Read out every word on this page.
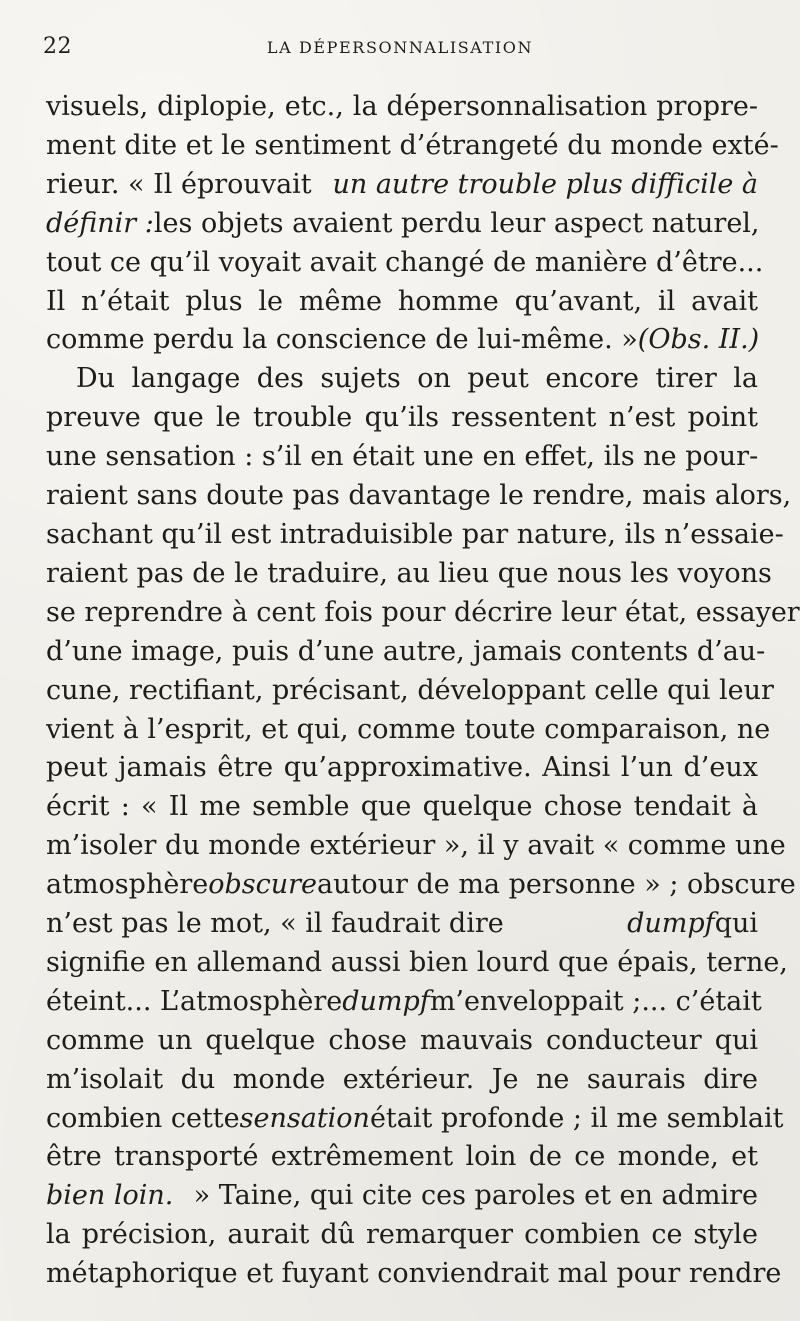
22	LA DÉPERSONNALISATION
visuels, diplopie, etc., la dépersonnalisation propre-
ment dite et le sentiment d’étrangeté du monde exté-
rieur. « Il éprouvait un autre trouble plus difficile à
définir : les objets avaient perdu leur aspect naturel,
tout ce qu’il voyait avait changé de manière d’être...
Il n’était plus le même homme qu’avant, il avait
comme perdu la conscience de lui-même. » (Obs. II.)
Du langage des sujets on peut encore tirer la
preuve que le trouble qu’ils ressentent n’est point
une sensation : s’il en était une en effet, ils ne pour-
raient sans doute pas davantage le rendre, mais alors,
sachant qu’il est intraduisible par nature, ils n’essaie-
raient pas de le traduire, au lieu que nous les voyons
se reprendre à cent fois pour décrire leur état, essayer
d’une image, puis d’une autre, jamais contents d’au-
cune, rectifiant, précisant, développant celle qui leur
vient à l’esprit, et qui, comme toute comparaison, ne
peut jamais être qu’approximative. Ainsi l’un d’eux
écrit : « Il me semble que quelque chose tendait à
m’isoler du monde extérieur », il y avait « comme une
atmosphère obscure autour de ma personne » ; obscure
n’est pas le mot, « il faudrait dire	dumpf qui
signifie en allemand aussi bien lourd que épais, terne,
éteint... L’atmosphère dumpf m’enveloppait ;... c’était
comme un quelque chose mauvais conducteur qui
m’isolait du monde extérieur. Je ne saurais dire
combien cette sensation était profonde ; il me semblait
être transporté extrêmement loin de ce monde, et
bien loin. » Taine, qui cite ces paroles et en admire
la précision, aurait dû remarquer combien ce style
métaphorique et fuyant conviendrait mal pour rendre
